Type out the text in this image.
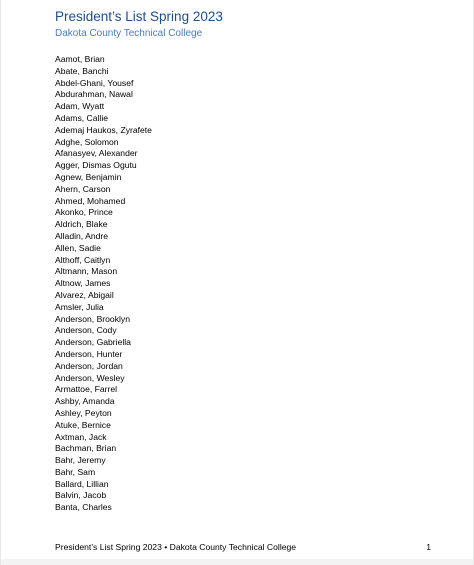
President’s List Spring 2023
Dakota County Technical College
Aamot, Brian
Abate, Banchi
Abdel-Ghani, Yousef
Abdurahman, Nawal
Adam, Wyatt
Adams, Callie
Ademaj Haukos, Zyrafete
Adghe, Solomon
Afanasyev, Alexander
Agger, Dismas Ogutu
Agnew, Benjamin
Ahern, Carson
Ahmed, Mohamed
Akonko, Prince
Aldrich, Blake
Alladin, Andre
Allen, Sadie
Althoff, Caitlyn
Altmann, Mason
Altnow, James
Alvarez, Abigail
Amsler, Julia
Anderson, Brooklyn
Anderson, Cody
Anderson, Gabriella
Anderson, Hunter
Anderson, Jordan
Anderson, Wesley
Armattoe, Farrel
Ashby, Amanda
Ashley, Peyton
Atuke, Bernice
Axtman, Jack
Bachman, Brian
Bahr, Jeremy
Bahr, Sam
Ballard, Lillian
Balvin, Jacob
Banta, Charles
President’s List Spring 2023 • Dakota County Technical College	1
